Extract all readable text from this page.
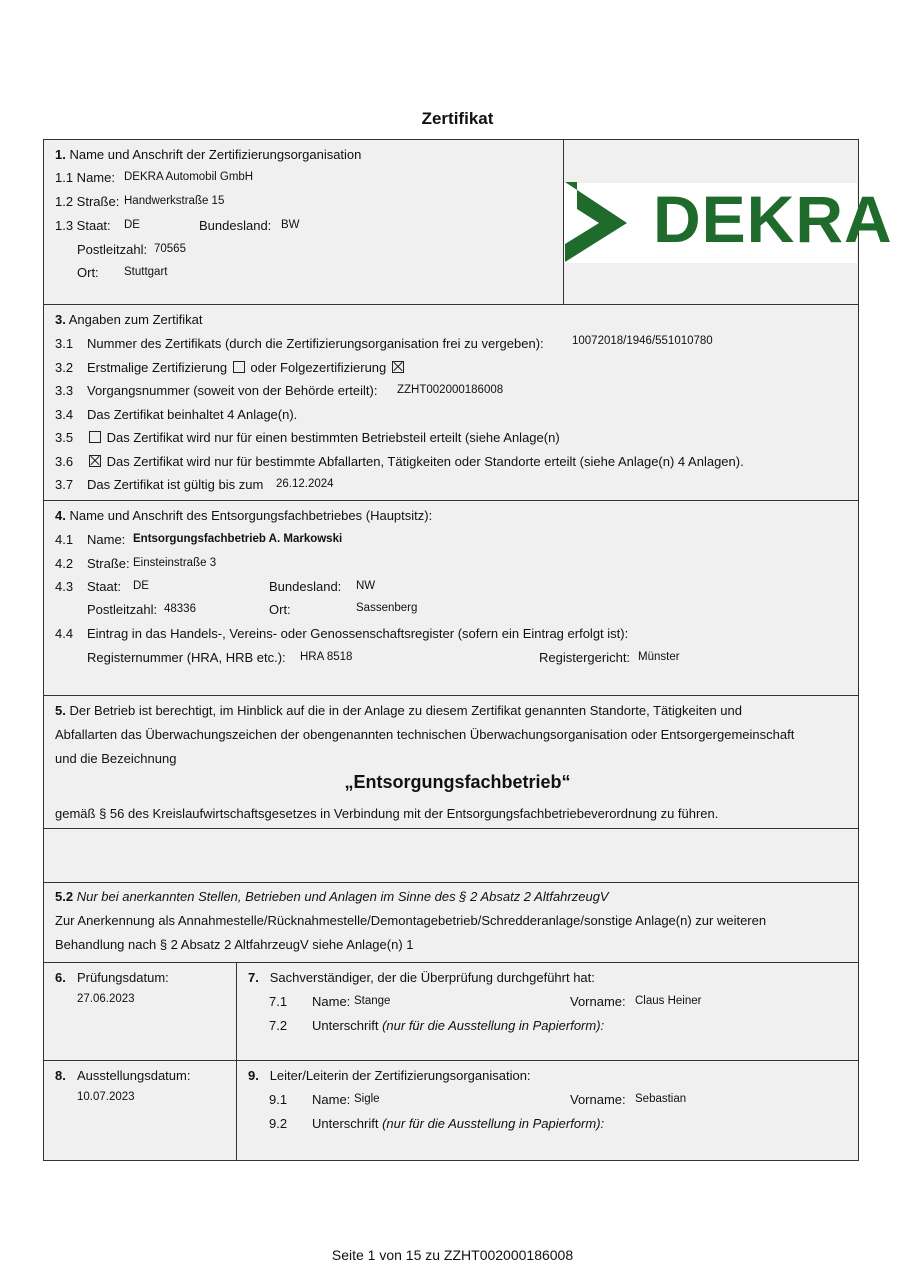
Zertifikat
DEKRA
1. Name und Anschrift der Zertifizierungsorganisation
1.1 Name: DEKRA Automobil GmbH
1.2 Straße: Handwerkstraße 15
1.3 Staat: DE	Bundesland: BW
Postleitzahl: 70565
Ort: Stuttgart
3. Angaben zum Zertifikat
3.1 Nummer des Zertifikats (durch die Zertifizierungsorganisation frei zu vergeben): 10072018/1946/551010780
3.2 Erstmalige Zertifizierung oder Folgezertifizierung
3.3 Vorgangsnummer (soweit von der Behörde erteilt): ZZHT002000186008
3.4 Das Zertifikat beinhaltet 4 Anlage(n).
3.5	Das Zertifikat wird nur für einen bestimmten Betriebsteil erteilt (siehe Anlage(n)
3.6	Das Zertifikat wird nur für bestimmte Abfallarten, Tätigkeiten oder Standorte erteilt (siehe Anlage(n) 4 Anlagen).
3.7 Das Zertifikat ist gültig bis zum 26.12.2024
4. Name und Anschrift des Entsorgungsfachbetriebes (Hauptsitz):
4.1 Name: Entsorgungsfachbetrieb A. Markowski
4.2 Straße: Einsteinstraße 3
4.3 Staat: DE	Bundesland: NW
Postleitzahl: 48336	Ort:	Sassenberg
4.4 Eintrag in das Handels-, Vereins- oder Genossenschaftsregister (sofern ein Eintrag erfolgt ist):
Registernummer (HRA, HRB etc.): HRA 8518	Registergericht: Münster
5. Der Betrieb ist berechtigt, im Hinblick auf die in der Anlage zu diesem Zertifikat genannten Standorte, Tätigkeiten und
Abfallarten das Überwachungszeichen der obengenannten technischen Überwachungsorganisation oder Entsorgergemeinschaft
und die Bezeichnung
„Entsorgungsfachbetrieb“
gemäß § 56 des Kreislaufwirtschaftsgesetzes in Verbindung mit der Entsorgungsfachbetriebeverordnung zu führen.
5.2 Nur bei anerkannten Stellen, Betrieben und Anlagen im Sinne des § 2 Absatz 2 AltfahrzeugV
Zur Anerkennung als Annahmestelle/Rücknahmestelle/Demontagebetrieb/Schredderanlage/sonstige Anlage(n) zur weiteren
Behandlung nach § 2 Absatz 2 AltfahrzeugV siehe Anlage(n) 1
6. Prüfungsdatum:
27.06.2023
7. Sachverständiger, der die Überprüfung durchgeführt hat:
7.1 Name: Stange	Vorname: Claus Heiner
7.2 Unterschrift (nur für die Ausstellung in Papierform):
8. Ausstellungsdatum:
10.07.2023
9. Leiter/Leiterin der Zertifizierungsorganisation:
9.1 Name: Sigle	Vorname: Sebastian
9.2 Unterschrift (nur für die Ausstellung in Papierform):
Seite 1 von 15 zu ZZHT002000186008
